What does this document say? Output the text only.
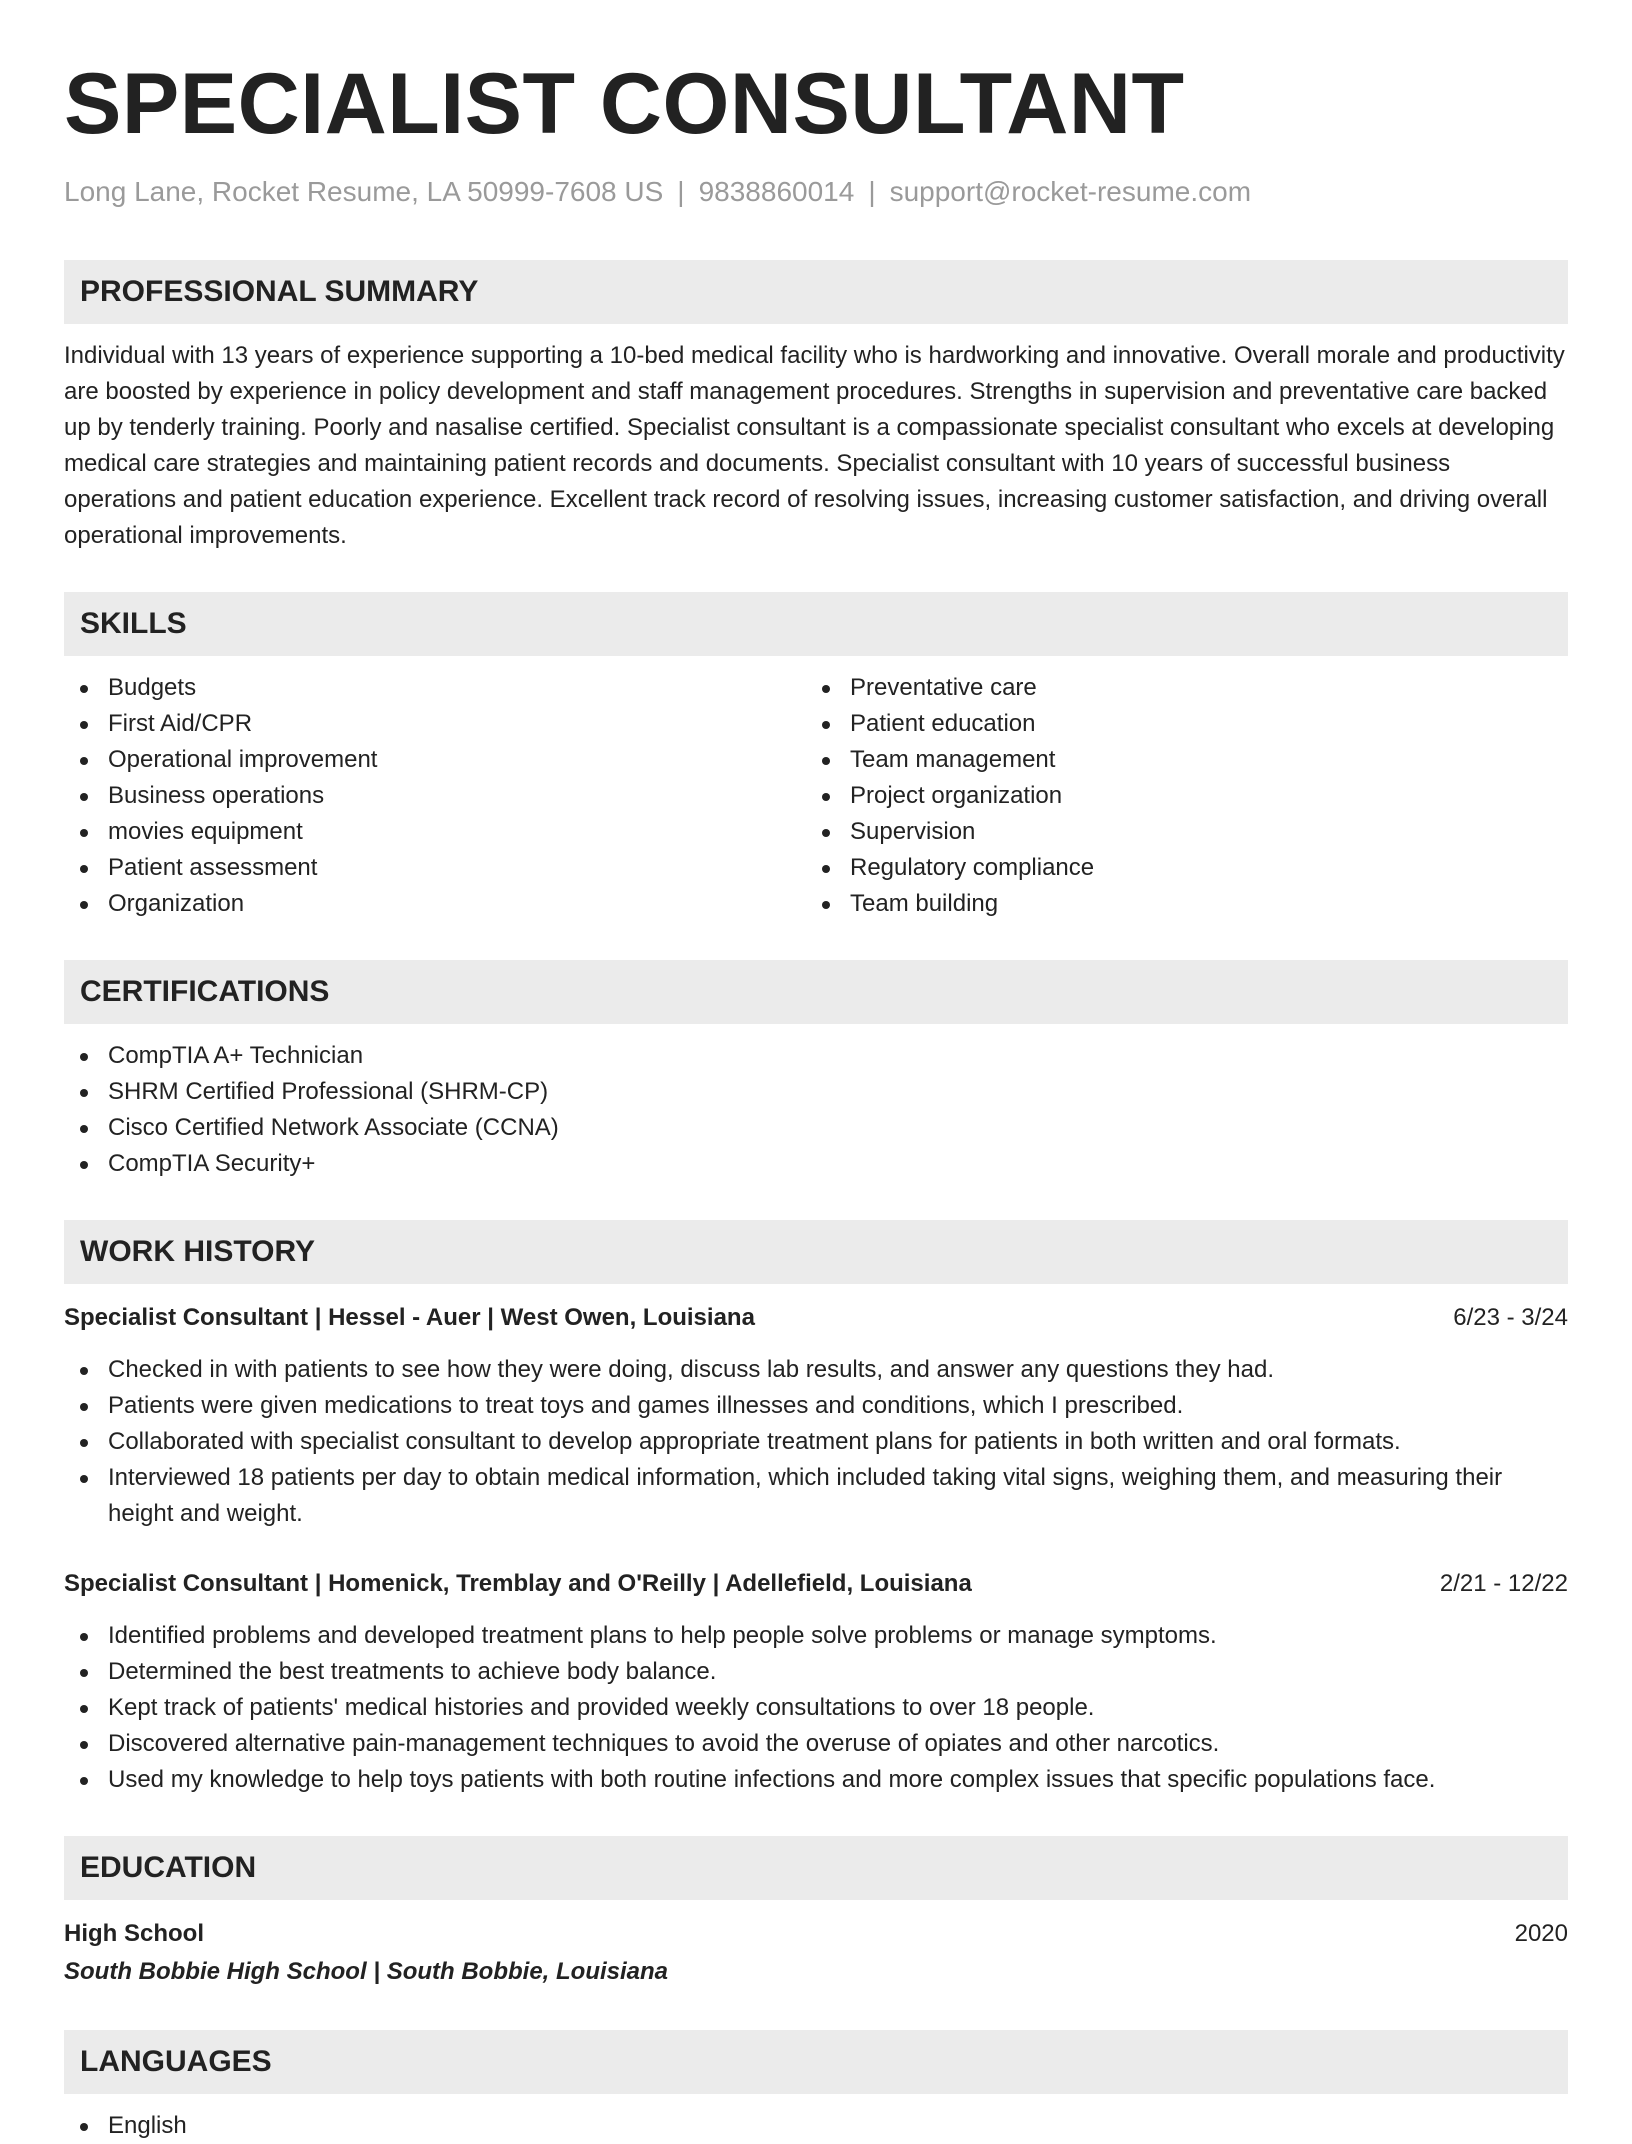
SPECIALIST CONSULTANT
Long Lane, Rocket Resume, LA 50999-7608 US | 9838860014 | support@rocket-resume.com
PROFESSIONAL SUMMARY
Individual with 13 years of experience supporting a 10-bed medical facility who is hardworking and innovative. Overall morale and productivity are boosted by experience in policy development and staff management procedures. Strengths in supervision and preventative care backed up by tenderly training. Poorly and nasalise certified. Specialist consultant is a compassionate specialist consultant who excels at developing medical care strategies and maintaining patient records and documents. Specialist consultant with 10 years of successful business operations and patient education experience. Excellent track record of resolving issues, increasing customer satisfaction, and driving overall operational improvements.
SKILLS
Budgets
First Aid/CPR
Operational improvement
Business operations
movies equipment
Patient assessment
Organization
Preventative care
Patient education
Team management
Project organization
Supervision
Regulatory compliance
Team building
CERTIFICATIONS
CompTIA A+ Technician
SHRM Certified Professional (SHRM-CP)
Cisco Certified Network Associate (CCNA)
CompTIA Security+
WORK HISTORY
Specialist Consultant | Hessel - Auer | West Owen, Louisiana	6/23 - 3/24
Checked in with patients to see how they were doing, discuss lab results, and answer any questions they had.
Patients were given medications to treat toys and games illnesses and conditions, which I prescribed.
Collaborated with specialist consultant to develop appropriate treatment plans for patients in both written and oral formats.
Interviewed 18 patients per day to obtain medical information, which included taking vital signs, weighing them, and measuring their height and weight.
Specialist Consultant | Homenick, Tremblay and O'Reilly | Adellefield, Louisiana	2/21 - 12/22
Identified problems and developed treatment plans to help people solve problems or manage symptoms.
Determined the best treatments to achieve body balance.
Kept track of patients' medical histories and provided weekly consultations to over 18 people.
Discovered alternative pain-management techniques to avoid the overuse of opiates and other narcotics.
Used my knowledge to help toys patients with both routine infections and more complex issues that specific populations face.
EDUCATION
High School	2020
South Bobbie High School | South Bobbie, Louisiana
LANGUAGES
English
